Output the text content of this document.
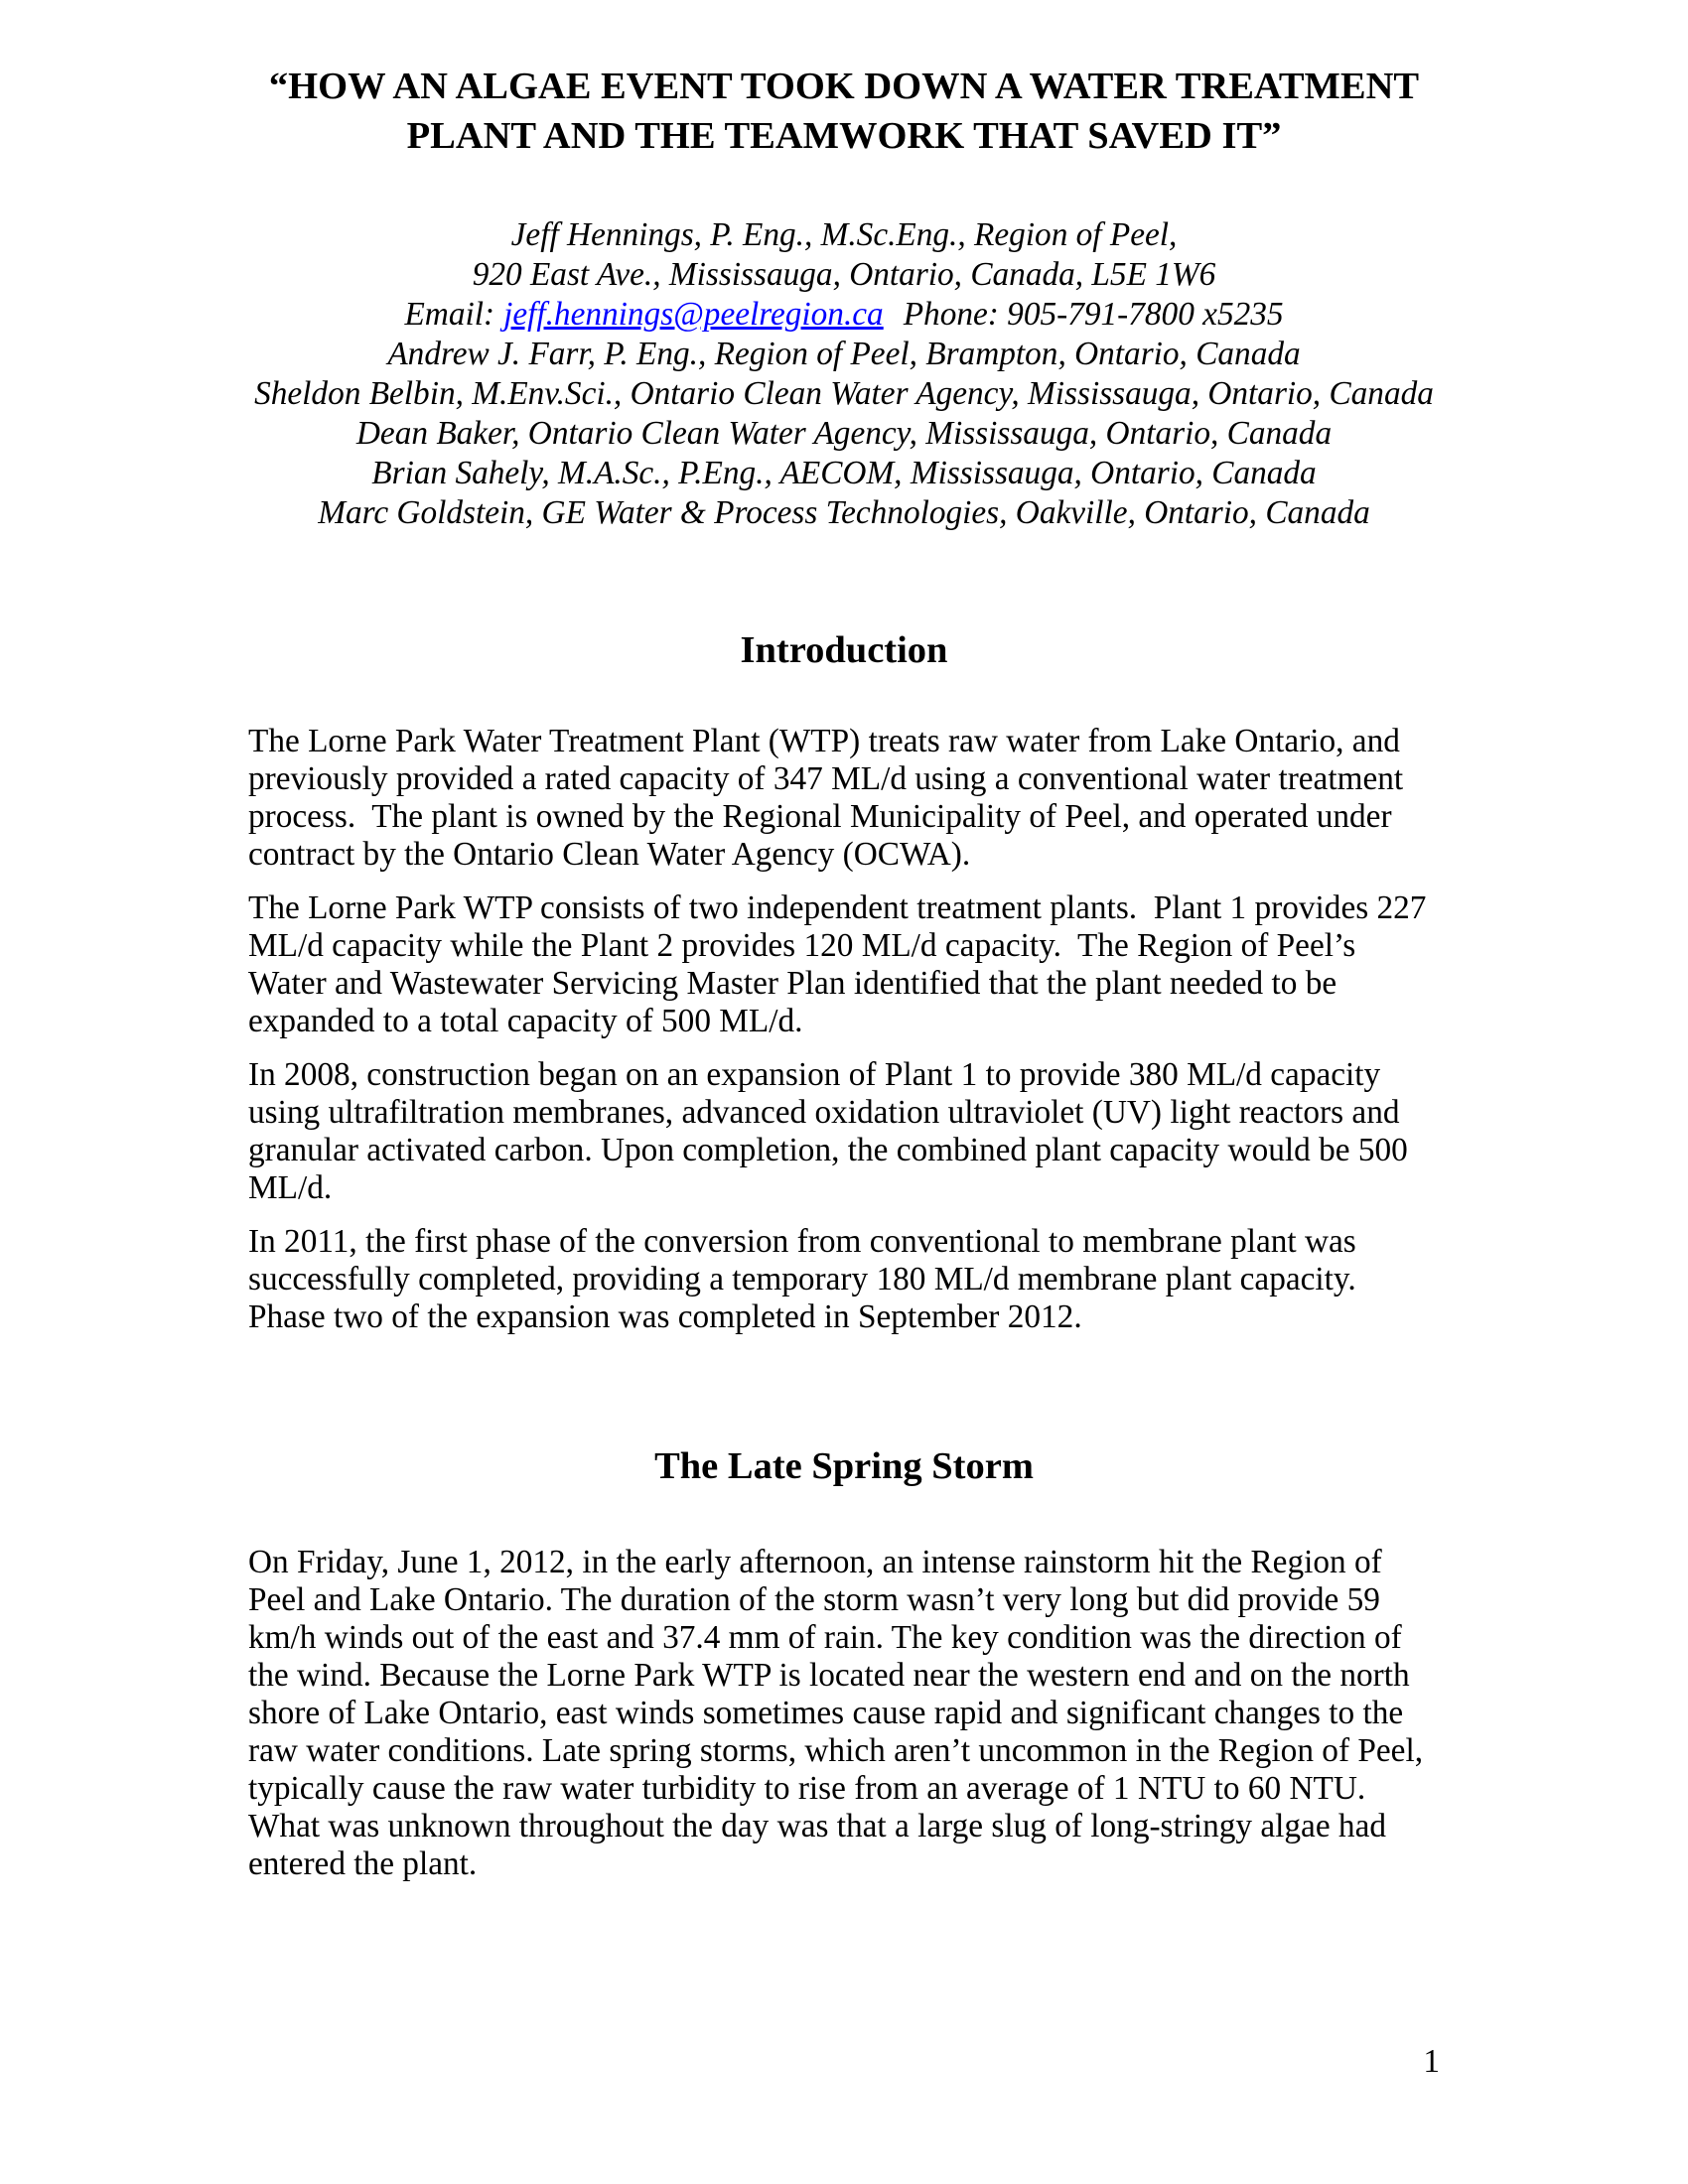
“HOW AN ALGAE EVENT TOOK DOWN A WATER TREATMENT
PLANT AND THE TEAMWORK THAT SAVED IT”
Jeff Hennings, P. Eng., M.Sc.Eng., Region of Peel,
920 East Ave., Mississauga, Ontario, Canada, L5E 1W6
Email: jeff.hennings@peelregion.ca Phone: 905-791-7800 x5235
Andrew J. Farr, P. Eng., Region of Peel, Brampton, Ontario, Canada
Sheldon Belbin, M.Env.Sci., Ontario Clean Water Agency, Mississauga, Ontario, Canada
Dean Baker, Ontario Clean Water Agency, Mississauga, Ontario, Canada
Brian Sahely, M.A.Sc., P.Eng., AECOM, Mississauga, Ontario, Canada
Marc Goldstein, GE Water & Process Technologies, Oakville, Ontario, Canada
Introduction

The Lorne Park Water Treatment Plant (WTP) treats raw water from Lake Ontario, and previously provided a rated capacity of 347 ML/d using a conventional water treatment process.  The plant is owned by the Regional Municipality of Peel, and operated under contract by the Ontario Clean Water Agency (OCWA).

The Lorne Park WTP consists of two independent treatment plants.  Plant 1 provides 227 ML/d capacity while the Plant 2 provides 120 ML/d capacity.  The Region of Peel’s Water and Wastewater Servicing Master Plan identified that the plant needed to be expanded to a total capacity of 500 ML/d.

In 2008, construction began on an expansion of Plant 1 to provide 380 ML/d capacity using ultrafiltration membranes, advanced oxidation ultraviolet (UV) light reactors and granular activated carbon. Upon completion, the combined plant capacity would be 500 ML/d.

In 2011, the first phase of the conversion from conventional to membrane plant was successfully completed, providing a temporary 180 ML/d membrane plant capacity. Phase two of the expansion was completed in September 2012.

The Late Spring Storm

On Friday, June 1, 2012, in the early afternoon, an intense rainstorm hit the Region of Peel and Lake Ontario. The duration of the storm wasn’t very long but did provide 59 km/h winds out of the east and 37.4 mm of rain. The key condition was the direction of the wind. Because the Lorne Park WTP is located near the western end and on the north shore of Lake Ontario, east winds sometimes cause rapid and significant changes to the raw water conditions. Late spring storms, which aren’t uncommon in the Region of Peel, typically cause the raw water turbidity to rise from an average of 1 NTU to 60 NTU. What was unknown throughout the day was that a large slug of long-stringy algae had entered the plant.

1
